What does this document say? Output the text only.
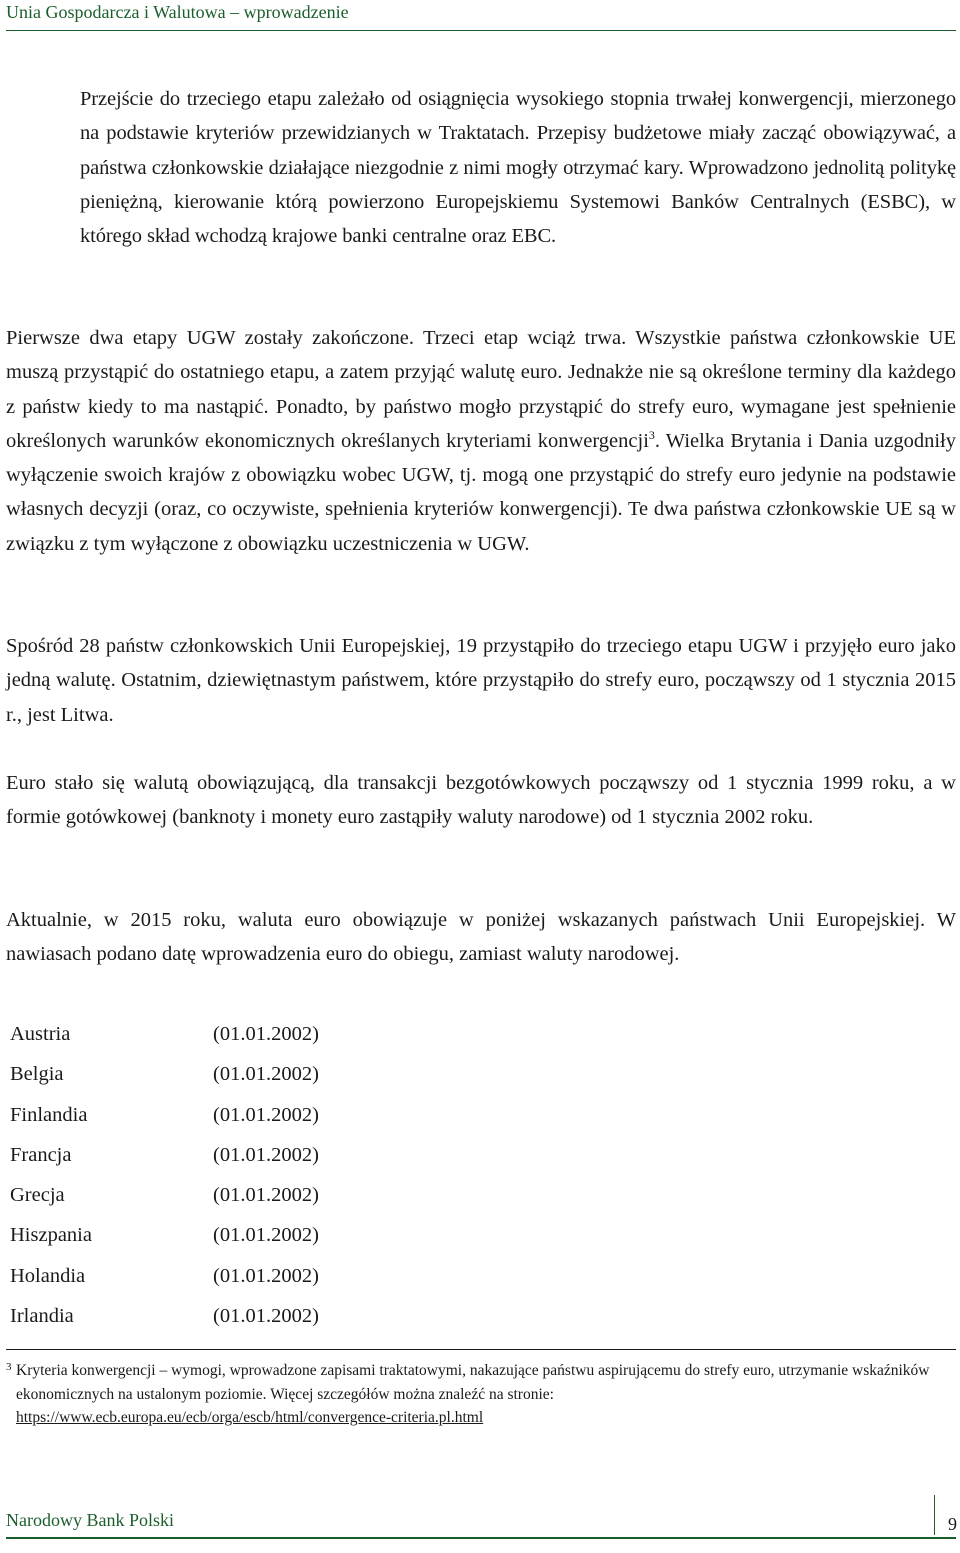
Unia Gospodarcza i Walutowa – wprowadzenie

Przejście do trzeciego etapu zależało od osiągnięcia wysokiego stopnia trwałej konwergencji, mierzonego na podstawie kryteriów przewidzianych w Traktatach. Przepisy budżetowe miały zacząć obowiązywać, a państwa członkowskie działające niezgodnie z nimi mogły otrzymać kary. Wprowadzono jednolitą politykę pieniężną, kierowanie którą powierzono Europejskiemu Systemowi Banków Centralnych (ESBC), w którego skład wchodzą krajowe banki centralne oraz EBC.

Pierwsze dwa etapy UGW zostały zakończone. Trzeci etap wciąż trwa. Wszystkie państwa członkowskie UE muszą przystąpić do ostatniego etapu, a zatem przyjąć walutę euro. Jednakże nie są określone terminy dla każdego z państw kiedy to ma nastąpić. Ponadto, by państwo mogło przystąpić do strefy euro, wymagane jest spełnienie określonych warunków ekonomicznych określanych kryteriami konwergencji$^3$. Wielka Brytania i Dania uzgodniły wyłączenie swoich krajów z obowiązku wobec UGW, tj. mogą one przystąpić do strefy euro jedynie na podstawie własnych decyzji (oraz, co oczywiste, spełnienia kryteriów konwergencji). Te dwa państwa członkowskie UE są w związku z tym wyłączone z obowiązku uczestniczenia w UGW.

Spośród 28 państw członkowskich Unii Europejskiej, 19 przystąpiło do trzeciego etapu UGW i przyjęło euro jako jedną walutę. Ostatnim, dziewiętnastym państwem, które przystąpiło do strefy euro, począwszy od 1 stycznia 2015 r., jest Litwa.

Euro stało się walutą obowiązującą, dla transakcji bezgotówkowych począwszy od 1 stycznia 1999 roku, a w formie gotówkowej (banknoty i monety euro zastąpiły waluty narodowe) od 1 stycznia 2002 roku.

Aktualnie, w 2015 roku, waluta euro obowiązuje w poniżej wskazanych państwach Unii Europejskiej. W nawiasach podano datę wprowadzenia euro do obiegu, zamiast waluty narodowej.

Austria	(01.01.2002)
Belgia	(01.01.2002)
Finlandia	(01.01.2002)
Francja	(01.01.2002)
Grecja	(01.01.2002)
Hiszpania	(01.01.2002)
Holandia	(01.01.2002)
Irlandia	(01.01.2002)
3 Kryteria konwergencji – wymogi, wprowadzone zapisami traktatowymi, nakazujące państwu aspirującemu do strefy euro, utrzymanie wskaźników ekonomicznych na ustalonym poziomie. Więcej szczegółów można znaleźć na stronie:
https://www.ecb.europa.eu/ecb/orga/escb/html/convergence-criteria.pl.html
Narodowy Bank Polski	9
